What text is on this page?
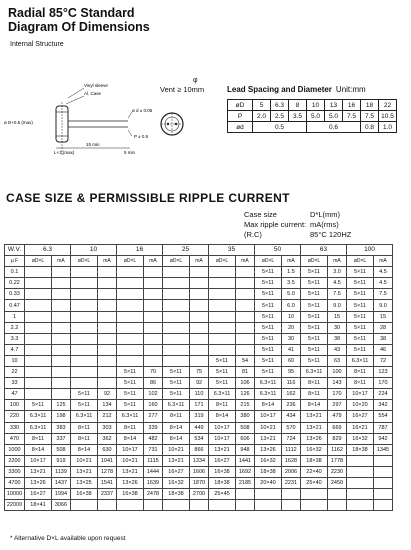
Radial 85°C Standard
Diagram Of Dimensions
Internal Structure
Vinyl sleeve
Al. Case
ø D+0.5 (max)
L+3 (max)
15 min
5 min
ø d ± 0.05
P ± 0.5
φ
Vent ≥ 10mm	Lead Spacing and Diameter Unit:mm
øD	5	6.3	8	10	13	16	18	22
P	2.0	2.5	3.5	5.0	5.0	7.5	7.5	10.5
ød	0.5			0.6			0.8	1.0
CASE SIZE & PERMISSIBLE RIPPLE CURRENT
Case size	D*L(mm)
Max ripple current: mA(rms)
(R.C)	85°C 120HZ
W.V.	6.3		10		16		25		35		50		63		100	
μ F	øD×L	mA	øD×L	mA	øD×L	mA	øD×L	mA	øD×L	mA	øD×L	mA	øD×L	mA	øD×L	mA
0.1											5×11	1.5	5×11	3.0	5×11	4.5
0.22											5×11	3.5	5×11	4.5	5×11	4.5
0.33											5×11	5.0	5×11	7.5	5×11	7.5
0.47											5×11	6.0	5×11	9.0	5×11	9.0
1											5×11	10	5×11	15	5×11	15
2.2											5×11	20	5×11	30	5×11	28
3.3											5×11	30	5×11	38	5×11	38
4.7											5×11	41	5×11	43	5×11	46
10									5×11	54	5×11	60	5×11	63	6.3×11	72
22					5×11	70	5×11	75	5×11	81	5×11	95	6.3×11	100	8×11	123
33					5×11	86	5×11	92	5×11	106	6.3×11	116	8×11	143	8×11	170
47			5×11	92	5×11	102	5×11	110	6.3×11	126	6.3×11	162	8×11	170	10×17	224
100	5×11	125	5×11	134	5×11	160	6.3×11	171	8×11	215	8×14	236	8×14	297	10×20	342
220	6.3×11	198	6.3×11	212	6.3×11	277	8×11	319	8×14	380	10×17	434	13×21	479	16×27	554
330	6.3×11	383	8×11	303	8×11	339	8×14	449	10×17	508	10×21	570	13×21	669	16×21	787
470	8×11	337	8×11	362	8×14	482	8×14	534	10×17	606	13×21	724	13×26	829	16×32	942
1000	8×14	508	8×14	630	10×17	731	10×21	866	13×21	948	13×26	1112	16×32	1162	18×38	1345
2200	10×17	919	10×21	1041	10×21	1115	13×21	1334	16×27	1441	16×32	1628	18×38	1778		
3300	13×21	1139	13×21	1278	13×21	1444	16×27	1606	16×38	1692	18×38	2006	22×40	2230		
4700	13×26	1437	13×25	1541	13×26	1639	16×32	1870	18×38	2185	20×40	2231	25×40	2450		
10000	16×27	1994	16×38	2337	16×38	2478	18×38	2700	25×45							
22000	18×41	3066														
* Alternative D×L available upon request
